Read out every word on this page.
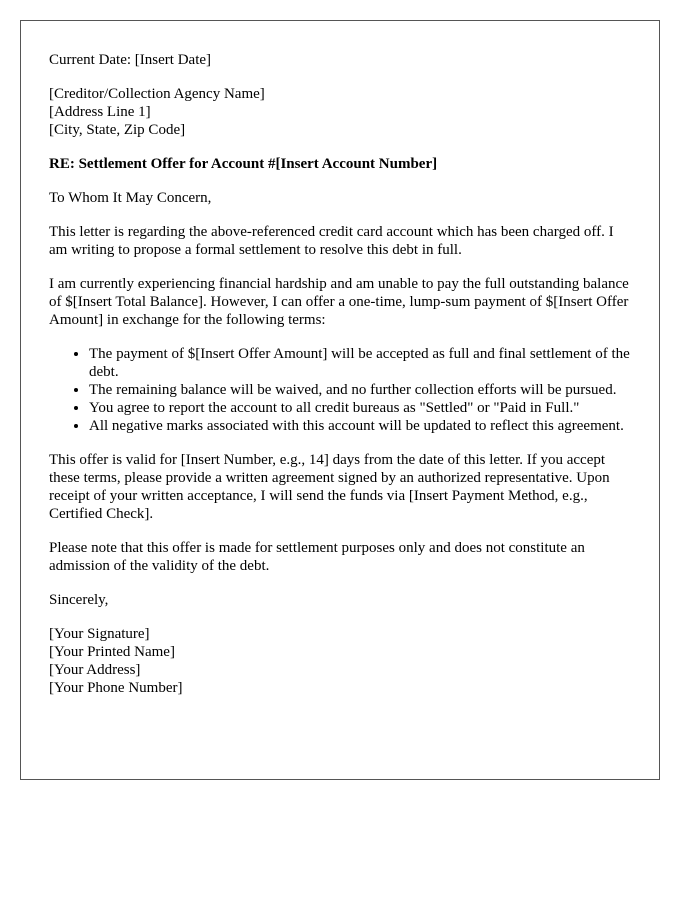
Current Date: [Insert Date]

[Creditor/Collection Agency Name]
[Address Line 1]
[City, State, Zip Code]

RE: Settlement Offer for Account #[Insert Account Number]

To Whom It May Concern,

This letter is regarding the above-referenced credit card account which has been charged off. I am writing to propose a formal settlement to resolve this debt in full.

I am currently experiencing financial hardship and am unable to pay the full outstanding balance of $[Insert Total Balance]. However, I can offer a one-time, lump-sum payment of $[Insert Offer Amount] in exchange for the following terms:

• The payment of $[Insert Offer Amount] will be accepted as full and final settlement of the debt.
• The remaining balance will be waived, and no further collection efforts will be pursued.
• You agree to report the account to all credit bureaus as "Settled" or "Paid in Full."
• All negative marks associated with this account will be updated to reflect this agreement.

This offer is valid for [Insert Number, e.g., 14] days from the date of this letter. If you accept these terms, please provide a written agreement signed by an authorized representative. Upon receipt of your written acceptance, I will send the funds via [Insert Payment Method, e.g., Certified Check].

Please note that this offer is made for settlement purposes only and does not constitute an admission of the validity of the debt.

Sincerely,

[Your Signature]
[Your Printed Name]
[Your Address]
[Your Phone Number]
